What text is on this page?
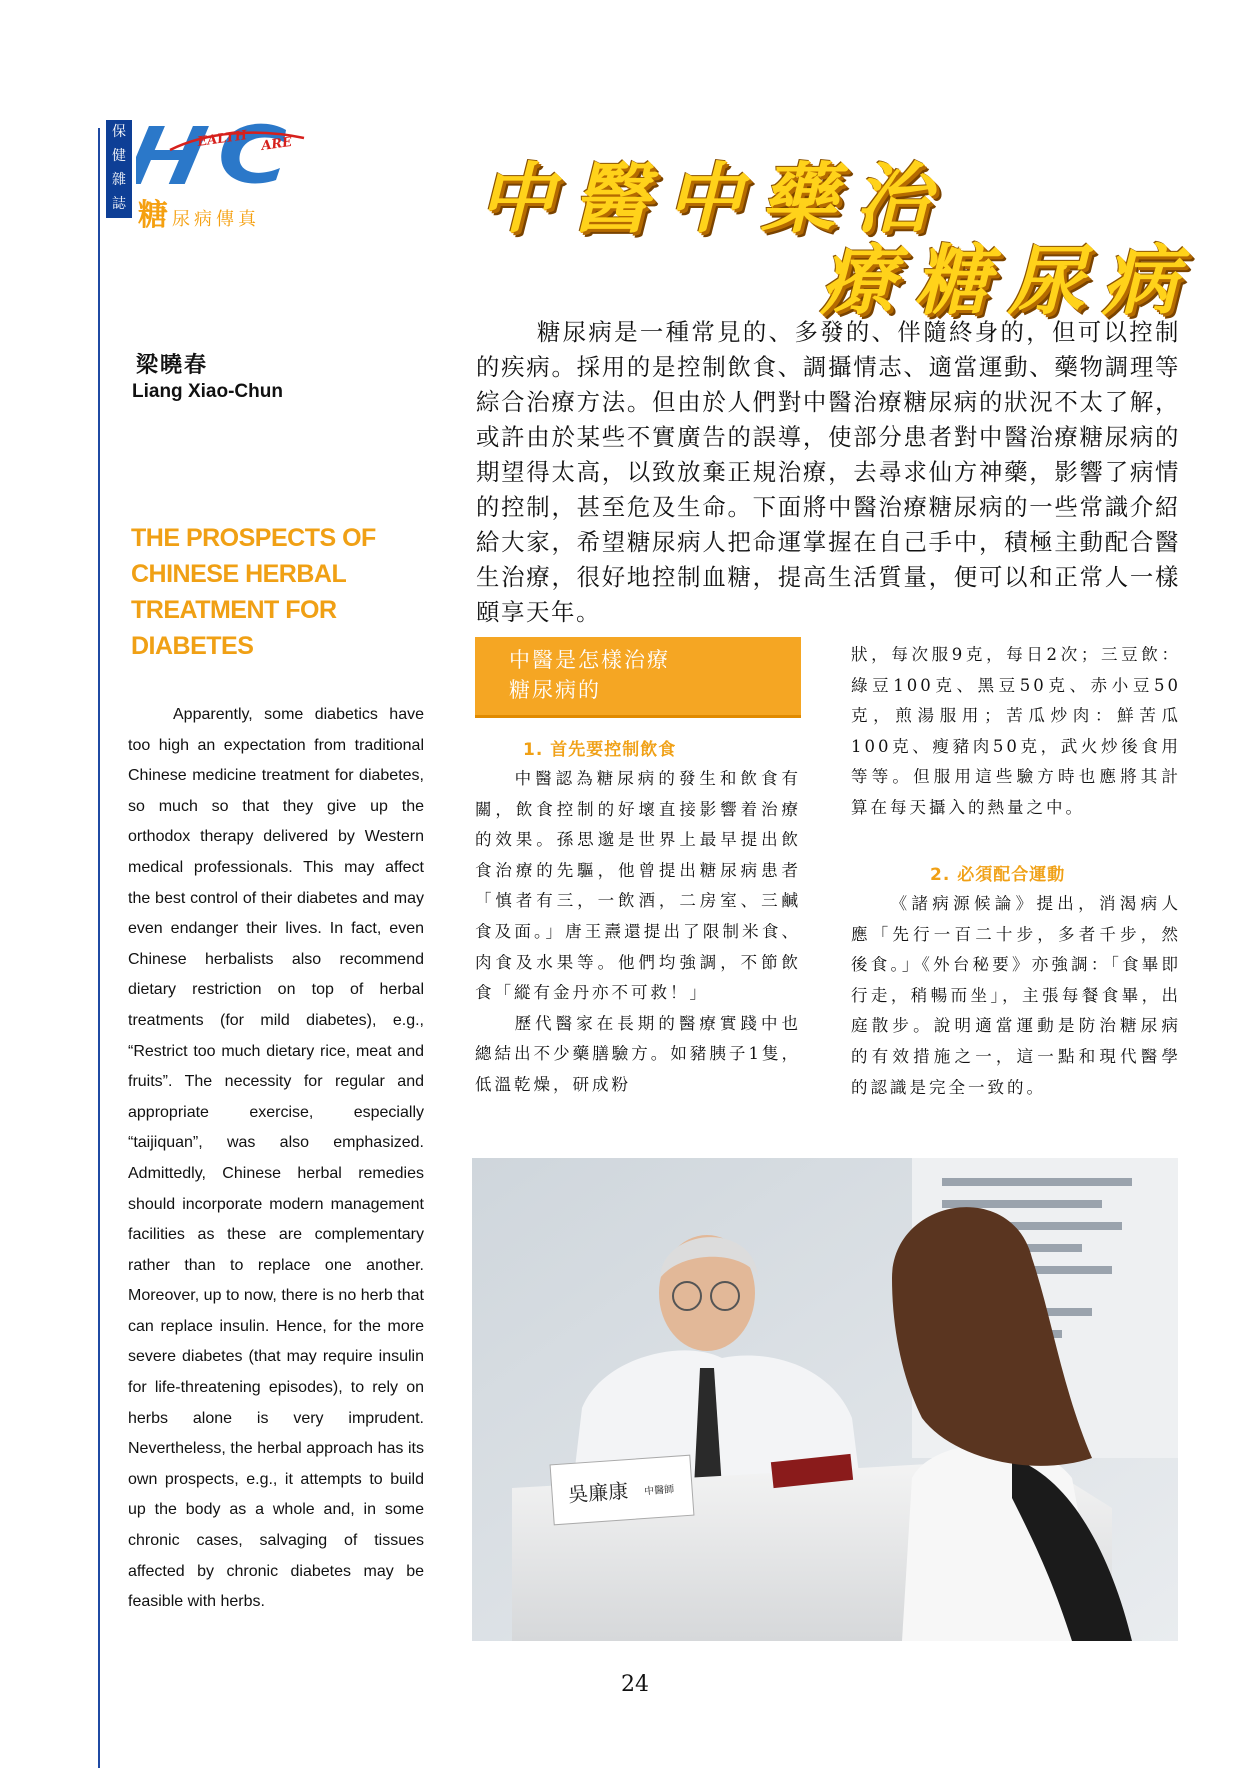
保
健
雜
誌
EALTH ARE
糖尿病傳真	中醫中藥治
療糖尿病
梁曉春
Liang Xiao-Chun
THE PROSPECTS OF CHINESE HERBAL TREATMENT FOR DIABETES

Apparently, some diabetics have too high an expectation from traditional Chinese medicine treatment for diabetes, so much so that they give up the orthodox therapy delivered by Western medical professionals. This may affect the best control of their diabetes and may even endanger their lives. In fact, even Chinese herbalists also recommend dietary restriction on top of herbal treatments (for mild diabetes), e.g., “Restrict too much dietary rice, meat and fruits”. The necessity for regular and appropriate exercise, especially “taijiquan”, was also emphasized. Admittedly, Chinese herbal remedies should incorporate modern management facilities as these are complementary rather than to replace one another. Moreover, up to now, there is no herb that can replace insulin. Hence, for the more severe diabetes (that may require insulin for life-threatening episodes), to rely on herbs alone is very imprudent. Nevertheless, the herbal approach has its own prospects, e.g., it attempts to build up the body as a whole and, in some chronic cases, salvaging of tissues affected by chronic diabetes may be feasible with herbs.

糖尿病是一種常見的、多發的、伴隨終身的，但可以控制的疾病。採用的是控制飲食、調攝情志、適當運動、藥物調理等綜合治療方法。但由於人們對中醫治療糖尿病的狀況不太了解，或許由於某些不實廣告的誤導，使部分患者對中醫治療糖尿病的期望得太高，以致放棄正規治療，去尋求仙方神藥，影響了病情的控制，甚至危及生命。下面將中醫治療糖尿病的一些常識介紹給大家，希望糖尿病人把命運掌握在自己手中，積極主動配合醫生治療，很好地控制血糖，提高生活質量，便可以和正常人一樣頤享天年。

中醫是怎樣治療
糖尿病的
1. 首先要控制飲食

中醫認為糖尿病的發生和飲食有關，飲食控制的好壞直接影響着治療的效果。孫思邈是世界上最早提出飲食治療的先驅，他曾提出糖尿病患者「慎者有三，一飲酒，二房室、三鹹食及面。」唐王燾還提出了限制米食、肉食及水果等。他們均強調，不節飲食「縱有金丹亦不可救！」

歷代醫家在長期的醫療實踐中也總結出不少藥膳驗方。如豬胰子1隻，低溫乾燥，研成粉

狀，每次服9克，每日2次；三豆飲：綠豆100克、黑豆50克、赤小豆50克，煎湯服用；苦瓜炒肉：鮮苦瓜100克、瘦豬肉50克，武火炒後食用等等。但服用這些驗方時也應將其計算在每天攝入的熱量之中。

2. 必須配合運動

《諸病源候論》提出，消渴病人應「先行一百二十步，多者千步，然後食。」《外台秘要》亦強調：「食畢即行走，稍暢而坐」，主張每餐食畢，出庭散步。說明適當運動是防治糖尿病的有效措施之一，這一點和現代醫學的認識是完全一致的。

吳廉康 中醫師
24
